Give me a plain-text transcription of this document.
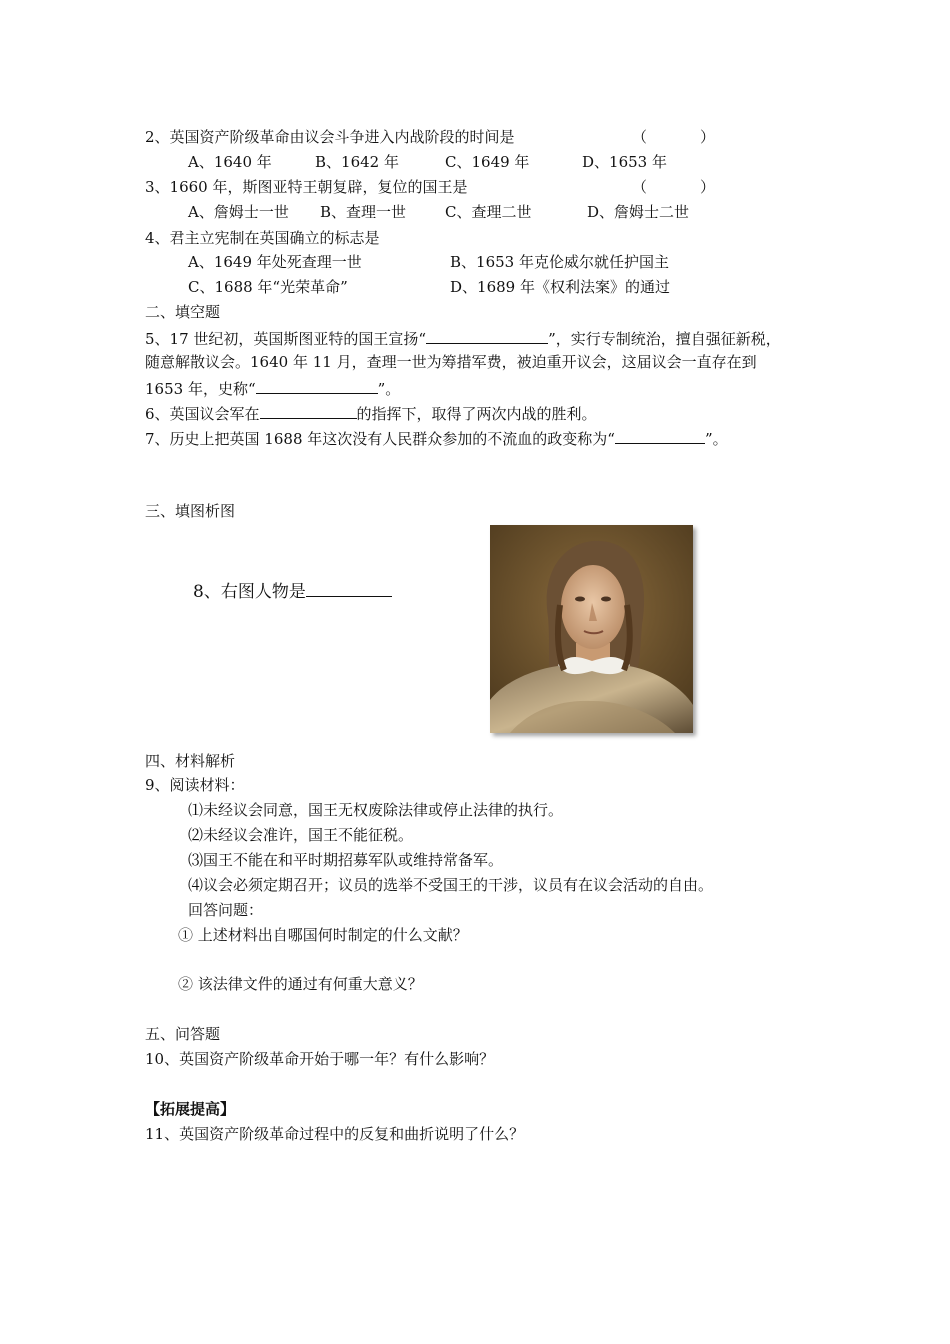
2、英国资产阶级革命由议会斗争进入内战阶段的时间是	（	）
A、1640 年	B、1642 年	C、1649 年	D、1653 年
3、1660 年，斯图亚特王朝复辟，复位的国王是	（	）
A、詹姆士一世 B、查理一世	C、查理二世	D、詹姆士二世
4、君主立宪制在英国确立的标志是
A、1649 年处死查理一世	B、1653 年克伦威尔就任护国主
C、1688 年“光荣革命”	D、1689 年《权利法案》的通过
二、填空题
5、17 世纪初，英国斯图亚特的国王宣扬“	”，实行专制统治，擅自强征新税，
随意解散议会。1640 年 11 月，查理一世为筹措军费，被迫重开议会，这届议会一直存在到
1653 年，史称“	”。
6、英国议会军在	的指挥下，取得了两次内战的胜利。
7、历史上把英国 1688 年这次没有人民群众参加的不流血的政变称为“	”。
三、填图析图
8、右图人物是
四、材料解析
9、阅读材料：
⑴未经议会同意，国王无权废除法律或停止法律的执行。
⑵未经议会准许，国王不能征税。
⑶国王不能在和平时期招募军队或维持常备军。
⑷议会必须定期召开；议员的选举不受国王的干涉，议员有在议会活动的自由。
回答问题：
① 上述材料出自哪国何时制定的什么文献？
② 该法律文件的通过有何重大意义？
五、问答题
10、英国资产阶级革命开始于哪一年？有什么影响？
【拓展提高】
11、英国资产阶级革命过程中的反复和曲折说明了什么？
